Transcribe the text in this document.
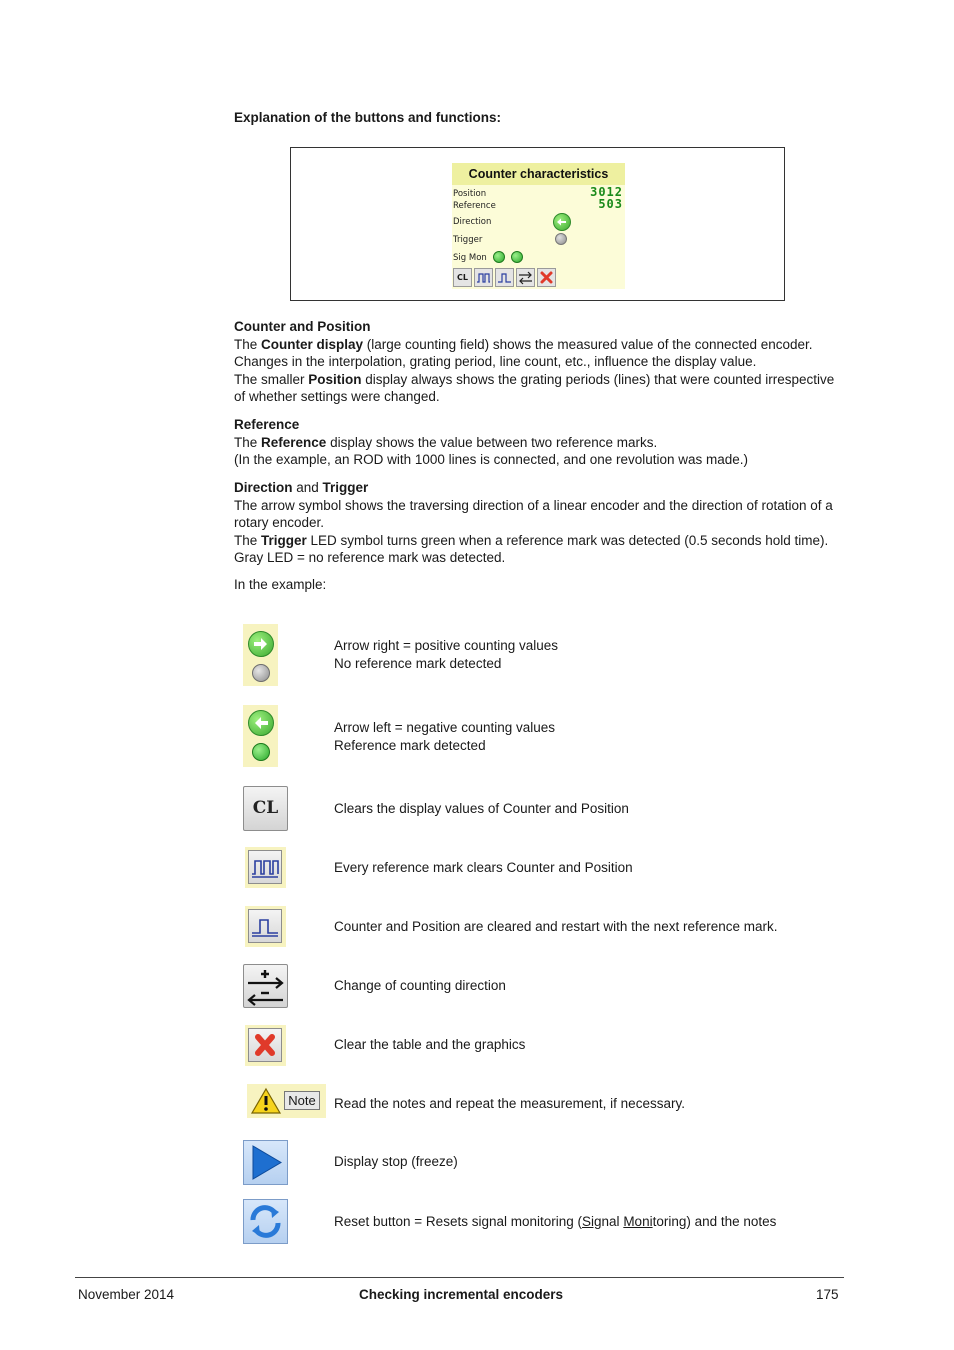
Explanation of the buttons and functions:
Counter characteristics
Position	3012
Reference	503
Direction
Trigger
Sig Mon
CL

Counter and Position

The Counter display (large counting field) shows the measured value of the connected encoder. Changes in the interpolation, grating period, line count, etc., influence the display value.

The smaller Position display always shows the grating periods (lines) that were counted irrespective of whether settings were changed.

Reference

The Reference display shows the value between two reference marks.

(In the example, an ROD with 1000 lines is connected, and one revolution was made.)

Direction and Trigger

The arrow symbol shows the traversing direction of a linear encoder and the direction of rotation of a rotary encoder.

The Trigger LED symbol turns green when a reference mark was detected (0.5 seconds hold time). Gray LED = no reference mark was detected.

In the example:
Arrow right = positive counting values
No reference mark detected
Arrow left = negative counting values
Reference mark detected
CL	Clears the display values of Counter and Position
Every reference mark clears Counter and Position
Counter and Position are cleared and restart with the next reference mark.
Change of counting direction
Clear the table and the graphics
Note	Read the notes and repeat the measurement, if necessary.
Display stop (freeze)
Reset button = Resets signal monitoring (Signal Monitoring) and the notes
November 2014	Checking incremental encoders	175
